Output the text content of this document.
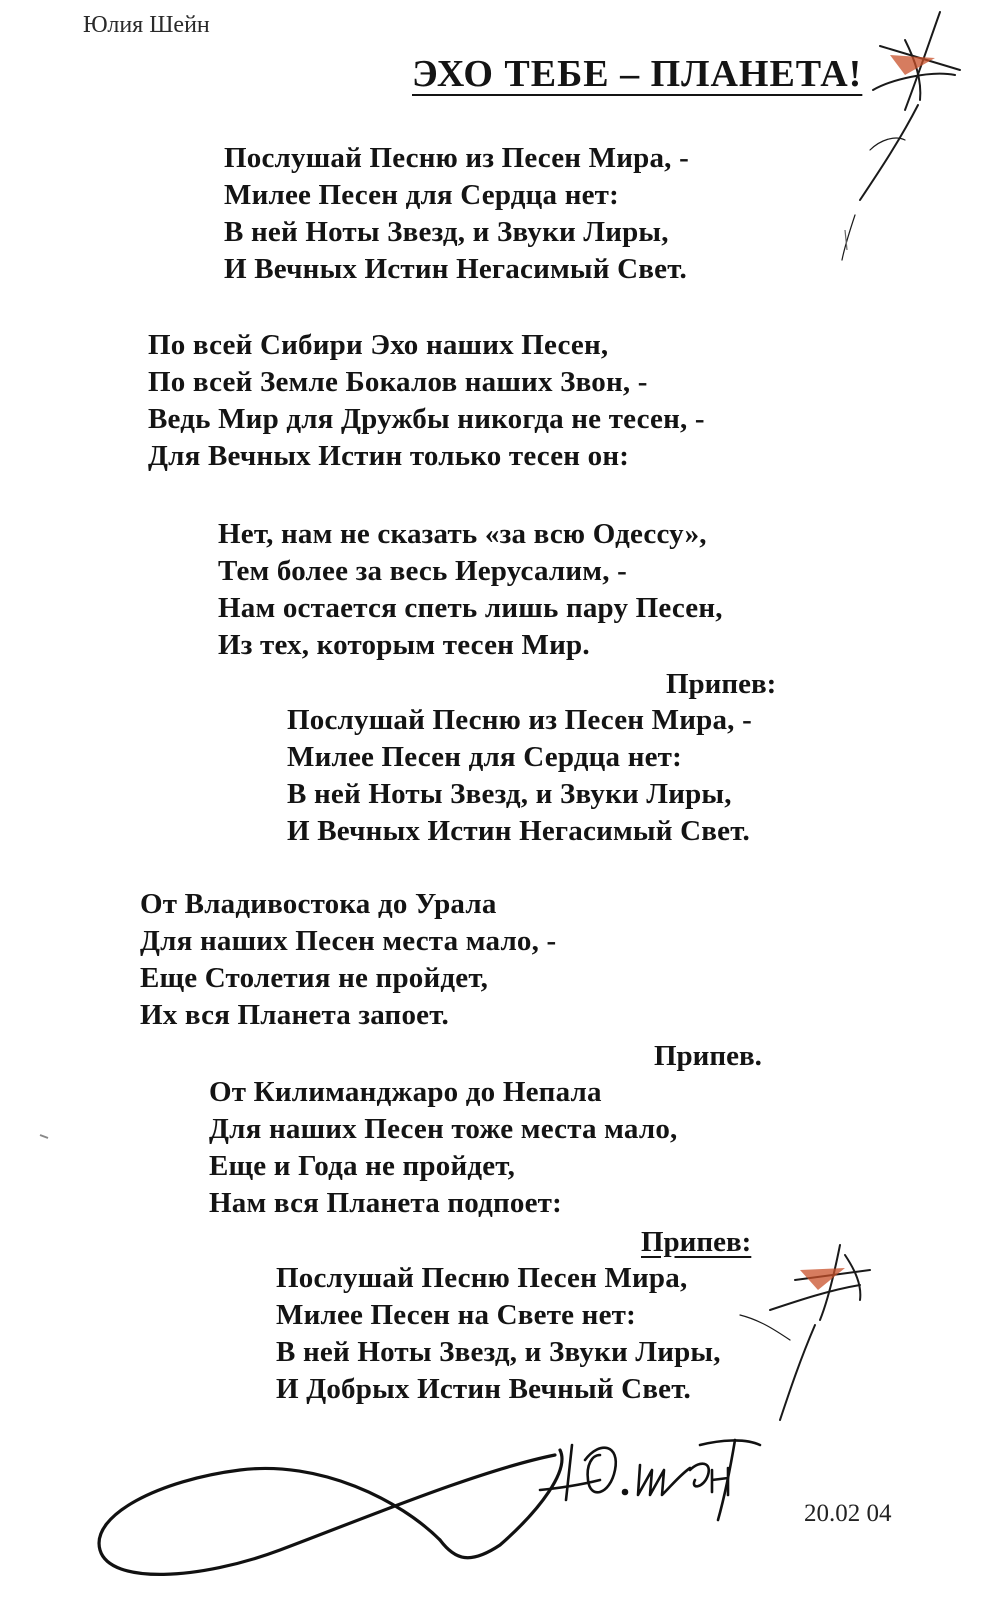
Юлия Шейн
ЭХО ТЕБЕ – ПЛАНЕТА!
Послушай Песню из Песен Мира, -
Милее Песен для Сердца нет:
В ней Ноты Звезд, и Звуки Лиры,
И Вечных Истин Негасимый Свет.
По всей Сибири Эхо наших Песен,
По всей Земле Бокалов наших Звон, -
Ведь Мир для Дружбы никогда не тесен, -
Для Вечных Истин только тесен он:
Нет, нам не сказать «за всю Одессу»,
Тем более за весь Иерусалим, -
Нам остается спеть лишь пару Песен,
Из тех, которым тесен Мир.
Припев:
Послушай Песню из Песен Мира, -
Милее Песен для Сердца нет:
В ней Ноты Звезд, и Звуки Лиры,
И Вечных Истин Негасимый Свет.
От Владивостока до Урала
Для наших Песен места мало, -
Еще Столетия не пройдет,
Их вся Планета запоет.
Припев.
От Килиманджаро до Непала
Для наших Песен тоже места мало,
Еще и Года не пройдет,
Нам вся Планета подпоет:
Припев:
Послушай Песню Песен Мира,
Милее Песен на Свете нет:
В ней Ноты Звезд, и Звуки Лиры,
И Добрых Истин Вечный Свет.
20.02 04
